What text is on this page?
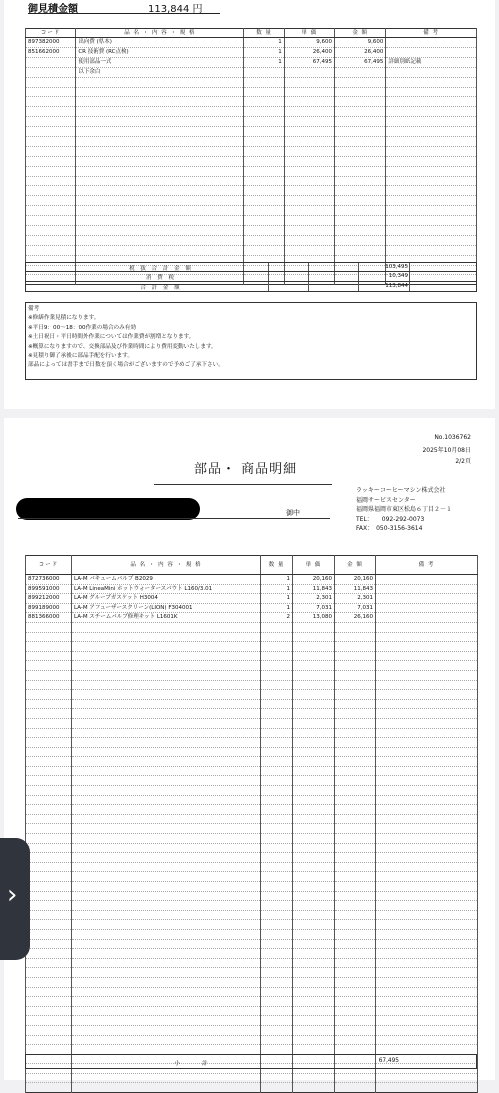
御見積金額	113,844 円
コード	品 名 ・ 内 容 ・ 規 格	数 量	単 価	金 額	備 考
897382000	出向費 (県本)	1	9,600	9,600	
851662000	CR 技術費 (RC点検)	1	26,400	26,400	
	使用部品一式	1	67,495	67,495	詳細別紙記載
	以下余白				

税 抜 合 計 金 額	103,495
消 費 税	10,349
合 計 金 額	113,844
備考
※修繕作業見積になります。
※平日9：00～18：00作業の場合のみ有効
※土日祝日・平日時間外作業については作業費が割増となります。
※概算になりますので、交換部品及び作業時間により費用変動いたします。
※見積り御了承後に部品手配を行います。
部品によっては書手まで日数を頂く場合がございますので予めご了承下さい。
No.1036762
2025年10月08日
2/2頁
部品・ 商品明細
御中
ラッキーコーヒーマシン株式会社
福岡サービスセンター
福岡県福岡市東区松島６丁目２－１
TEL：　　092-292-0073
FAX：　050-3156-3614
コード	品 名 ・ 内 容 ・ 規 格	数 量	単 価	金 額	備 考
872736000	LA-M バキュームバルブ B2029	1	20,160	20,160	
899591000	LA-M LineaMini ホットウォータースパウト L160/3.01	1	11,843	11,843	
899212000	LA-M グループガスケット H3004	1	2,301	2,301	
899189000	LA-M アフューザースクリーン(LION) F304001	1	7,031	7,031	
881366000	LA-M スチームバルブ修理キット L1601K	2	13,080	26,160	

小 計	67,495
›
